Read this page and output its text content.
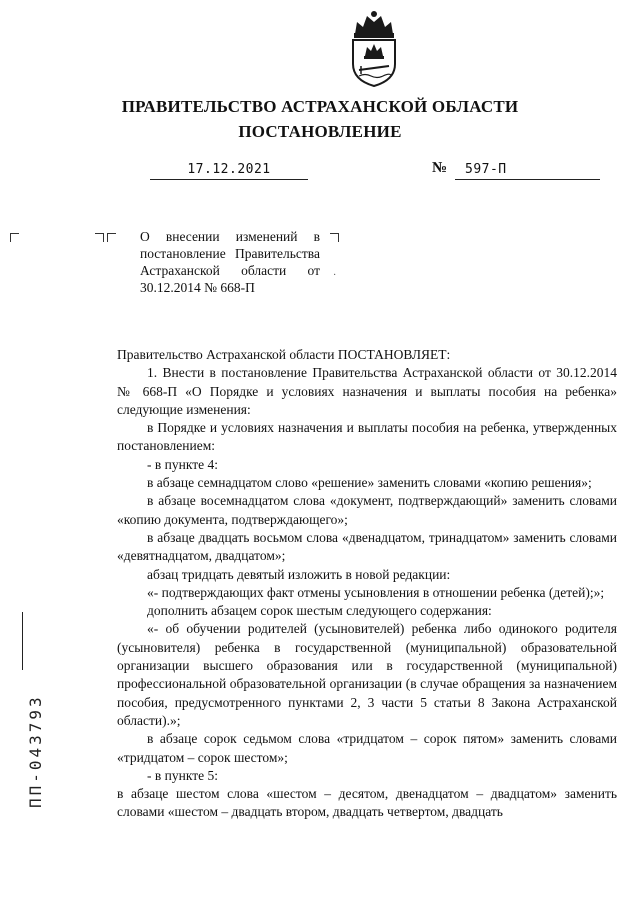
ПРАВИТЕЛЬСТВО АСТРАХАНСКОЙ ОБЛАСТИ
ПОСТАНОВЛЕНИЕ
17.12.2021	№	597-П
О внесении изменений в постановление Правительства Астраханской области от 30.12.2014 № 668-П
·

Правительство Астраханской области ПОСТАНОВЛЯЕТ:

1. Внести в постановление Правительства Астраханской области от 30.12.2014 № 668-П «О Порядке и условиях назначения и выплаты пособия на ребенка» следующие изменения:

в Порядке и условиях назначения и выплаты пособия на ребенка, утвержденных постановлением:

- в пункте 4:

в абзаце семнадцатом слово «решение» заменить словами «копию решения»;

в абзаце восемнадцатом слова «документ, подтверждающий» заменить словами «копию документа, подтверждающего»;

в абзаце двадцать восьмом слова «двенадцатом, тринадцатом» заменить словами «девятнадцатом, двадцатом»;

абзац тридцать девятый изложить в новой редакции:

«- подтверждающих факт отмены усыновления в отношении ребенка (детей);»;

дополнить абзацем сорок шестым следующего содержания:

«- об обучении родителей (усыновителей) ребенка либо одинокого родителя (усыновителя) ребенка в государственной (муниципальной) образовательной организации высшего образования или в государственной (муниципальной) профессиональной образовательной организации (в случае обращения за назначением пособия, предусмотренного пунктами 2, 3 части 5 статьи 8 Закона Астраханской области).»;

в абзаце сорок седьмом слова «тридцатом – сорок пятом» заменить словами «тридцатом – сорок шестом»;

- в пункте 5:

в абзаце шестом слова «шестом – десятом, двенадцатом – двадцатом» заменить словами «шестом – двадцать втором, двадцать четвертом, двадцать

ПП-043793
